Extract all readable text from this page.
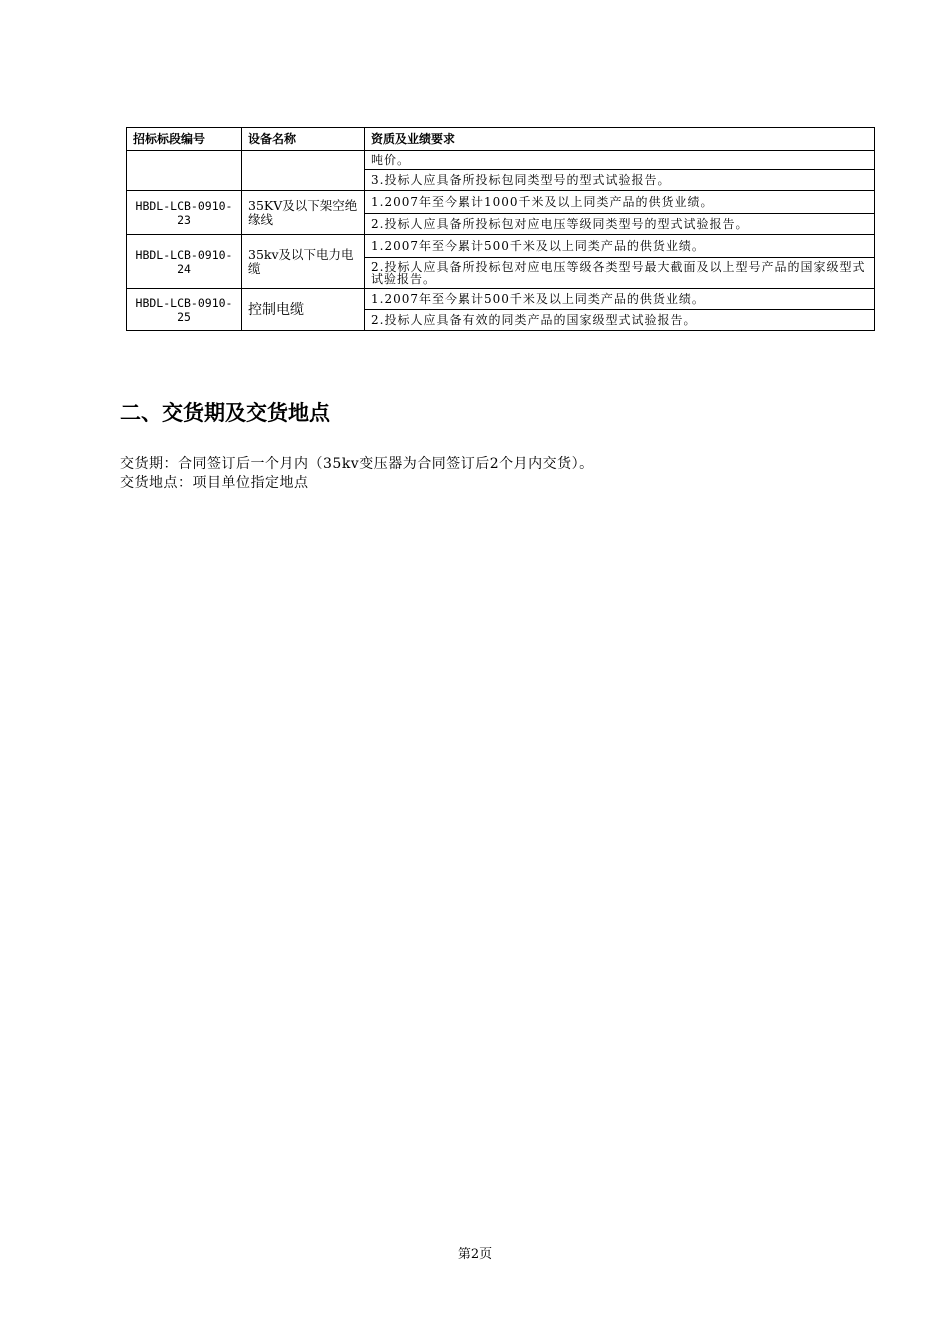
招标标段编号	设备名称	资质及业绩要求
		吨价。
		3.投标人应具备所投标包同类型号的型式试验报告。
HBDL-LCB-0910-23	35KV及以下架空绝缘线	1.2007年至今累计1000千米及以上同类产品的供货业绩。
		2.投标人应具备所投标包对应电压等级同类型号的型式试验报告。
HBDL-LCB-0910-24	35kv及以下电力电缆	1.2007年至今累计500千米及以上同类产品的供货业绩。
		2.投标人应具备所投标包对应电压等级各类型号最大截面及以上型号产品的国家级型式试验报告。
HBDL-LCB-0910-25	控制电缆	1.2007年至今累计500千米及以上同类产品的供货业绩。
		2.投标人应具备有效的同类产品的国家级型式试验报告。
二、交货期及交货地点

交货期：合同签订后一个月内（35kv变压器为合同签订后2个月内交货）。

交货地点：项目单位指定地点

第2页
